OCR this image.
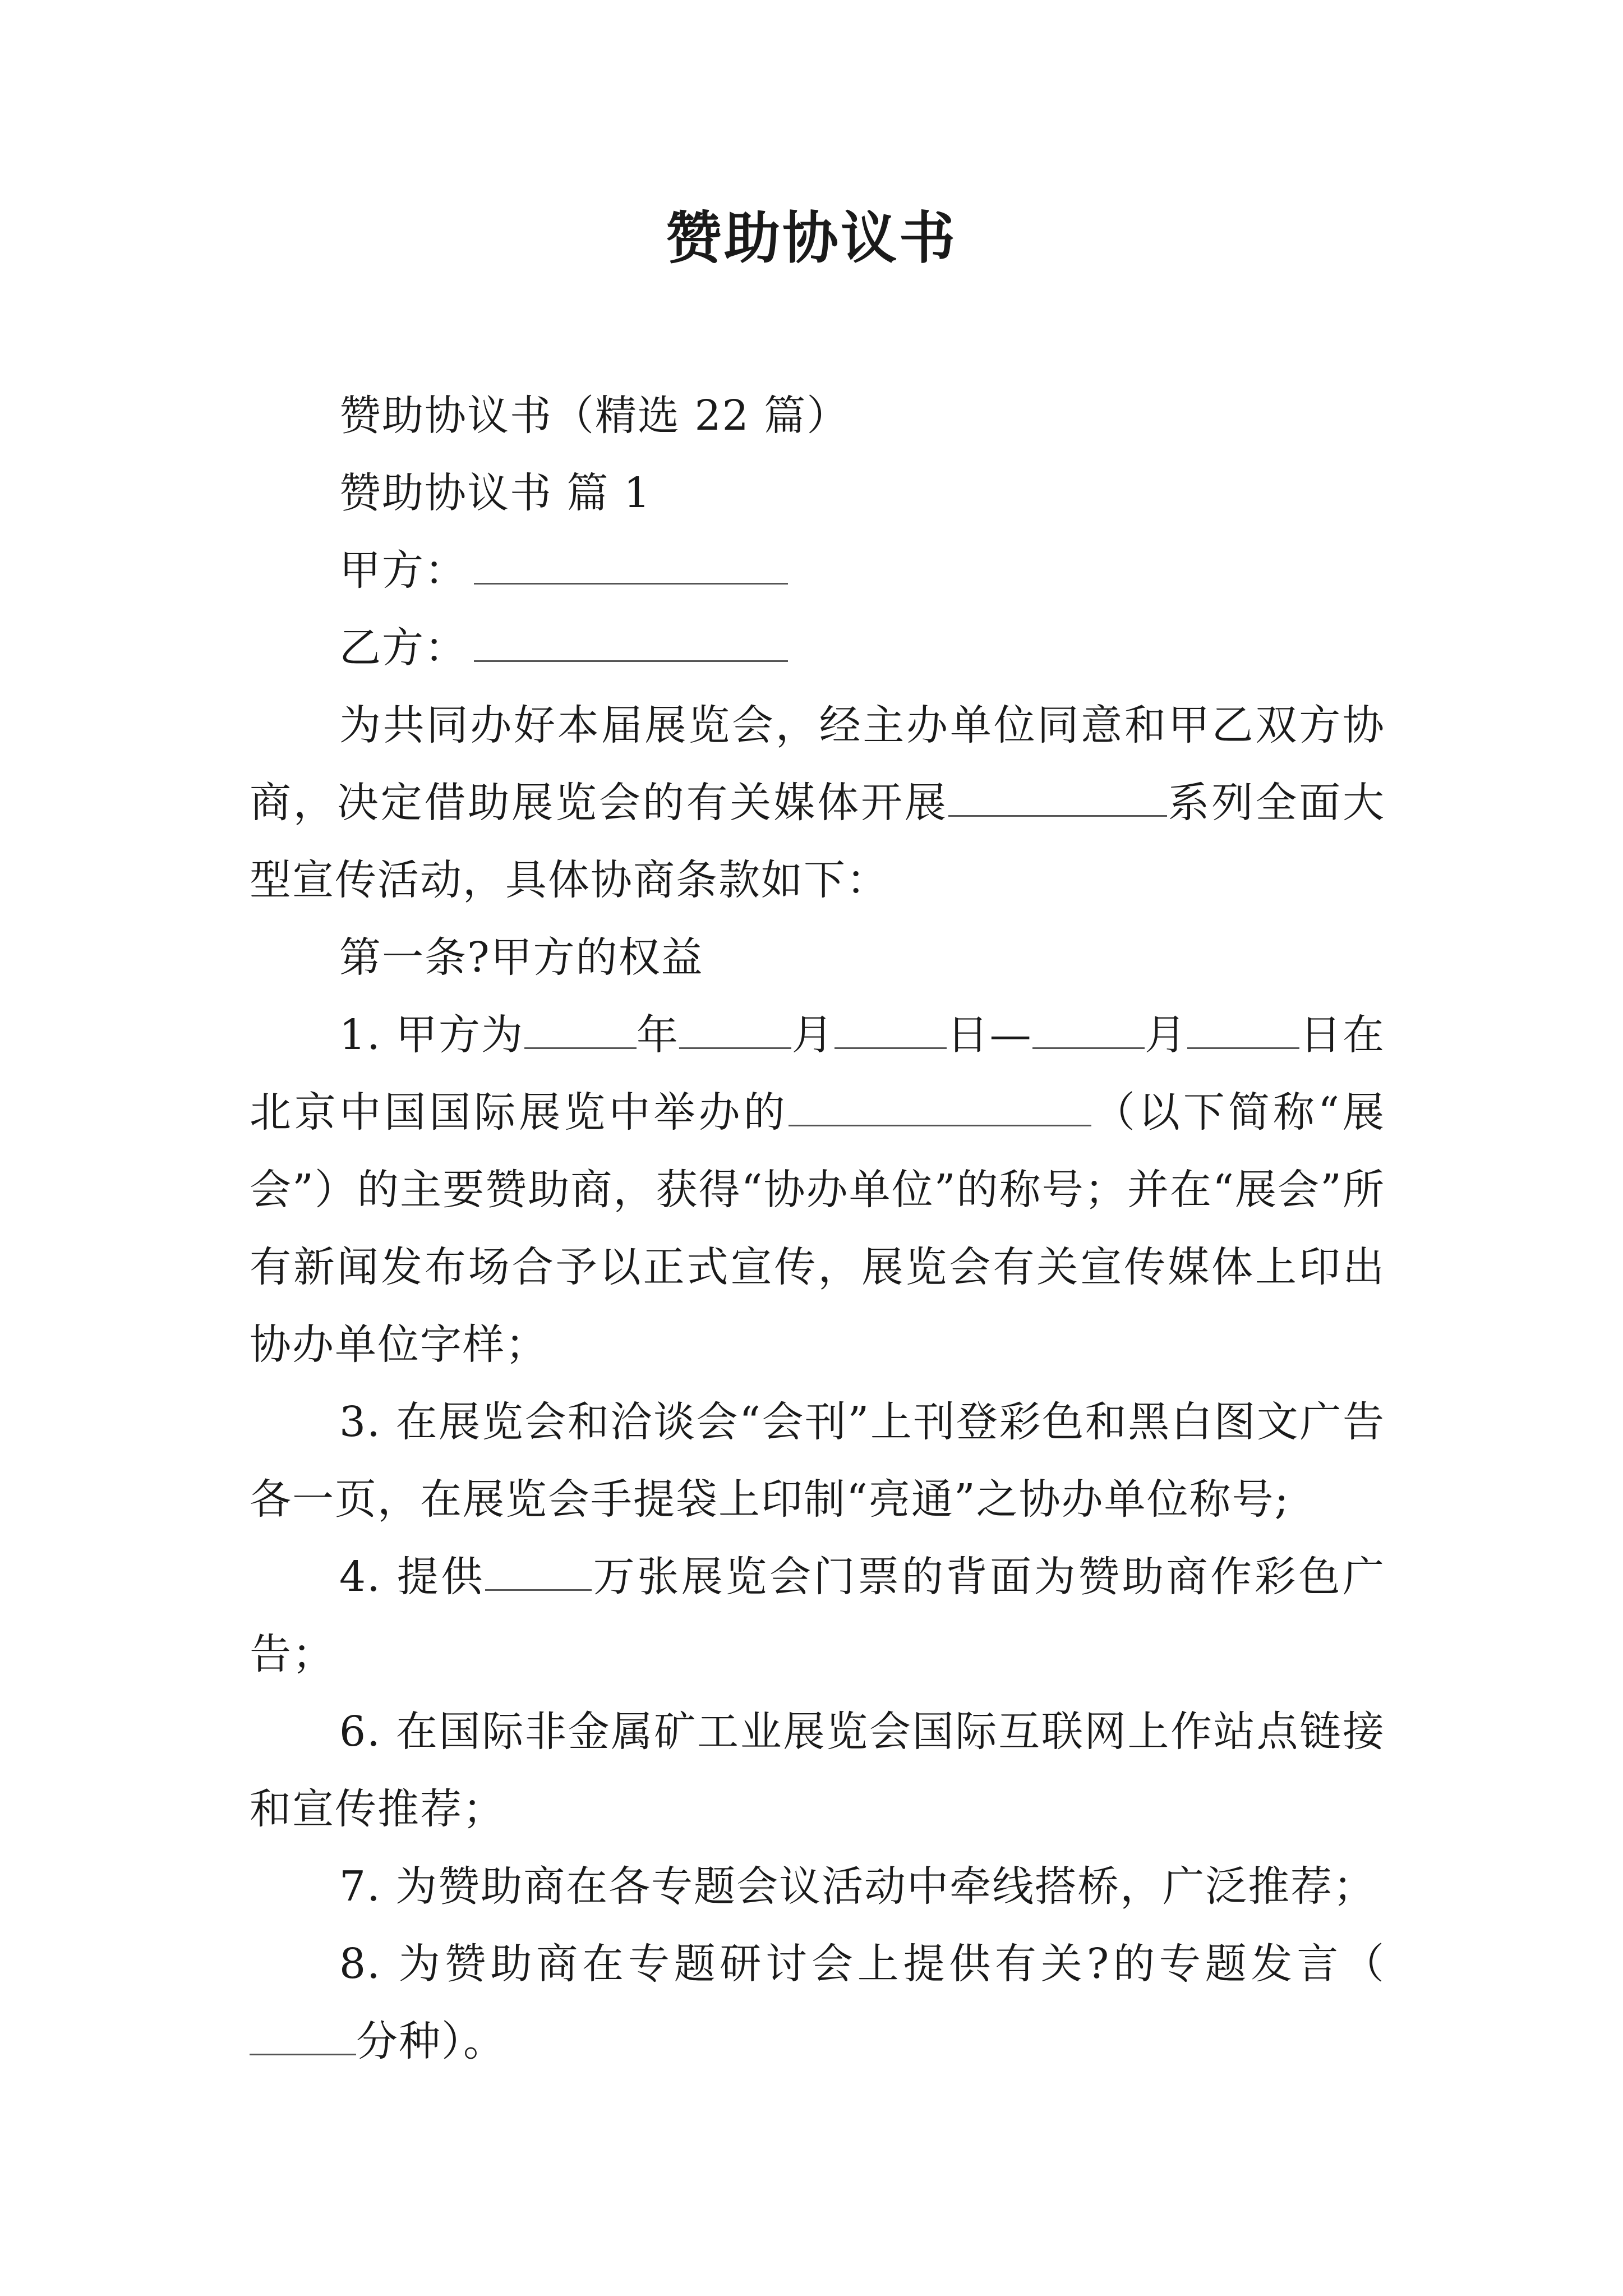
赞助协议书

赞助协议书（精选 22 篇）

赞助协议书 篇 1

甲方：

乙方：

为共同办好本届展览会，经主办单位同意和甲乙双方协商，决定借助展览会的有关媒体开展	系列全面大型宣传活动，具体协商条款如下：

第一条?甲方的权益

1. 甲方为	年	月	日—	月	日在北京中国国际展览中举办的	（以下简称“展会”）的主要赞助商，获得“协办单位”的称号；并在“展会”所有新闻发布场合予以正式宣传，展览会有关宣传媒体上印出协办单位字样；

3. 在展览会和洽谈会“会刊”上刊登彩色和黑白图文广告各一页，在展览会手提袋上印制“亮通”之协办单位称号;

4. 提供	万张展览会门票的背面为赞助商作彩色广告；

6. 在国际非金属矿工业展览会国际互联网上作站点链接和宣传推荐；

7. 为赞助商在各专题会议活动中牵线搭桥，广泛推荐；

8. 为赞助商在专题研讨会上提供有关?的专题发言（分种）。
